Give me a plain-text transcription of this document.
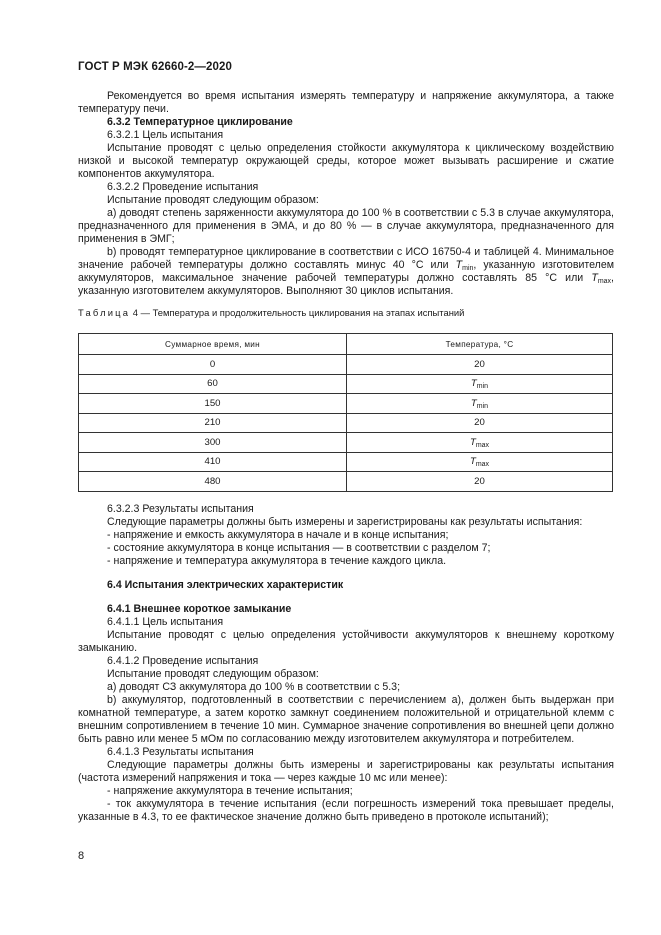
ГОСТ Р МЭК 62660-2—2020

Рекомендуется во время испытания измерять температуру и напряжение аккумулятора, а также температуру печи.

6.3.2 Температурное циклирование

6.3.2.1 Цель испытания

Испытание проводят с целью определения стойкости аккумулятора к циклическому воздействию низкой и высокой температур окружающей среды, которое может вызывать расширение и сжатие компонентов аккумулятора.

6.3.2.2 Проведение испытания

Испытание проводят следующим образом:

a) доводят степень заряженности аккумулятора до 100 % в соответствии с 5.3 в случае аккумулятора, предназначенного для применения в ЭМА, и до 80 % — в случае аккумулятора, предназначенного для применения в ЭМГ;

b) проводят температурное циклирование в соответствии с ИСО 16750-4 и таблицей 4. Минимальное значение рабочей температуры должно составлять минус 40 °C или $T_{min}$, указанную изготовителем аккумуляторов, максимальное значение рабочей температуры должно составлять 85 °C или $T_{max}$, указанную изготовителем аккумуляторов. Выполняют 30 циклов испытания.

Таблица 4 — Температура и продолжительность циклирования на этапах испытаний

Суммарное время, мин	Температура, °C
0	20
60	$T_{min}$
150	$T_{min}$
210	20
300	$T_{max}$
410	$T_{max}$
480	20

6.3.2.3 Результаты испытания

Следующие параметры должны быть измерены и зарегистрированы как результаты испытания:

- напряжение и емкость аккумулятора в начале и в конце испытания;

- состояние аккумулятора в конце испытания — в соответствии с разделом 7;

- напряжение и температура аккумулятора в течение каждого цикла.

6.4 Испытания электрических характеристик

6.4.1 Внешнее короткое замыкание

6.4.1.1 Цель испытания

Испытание проводят с целью определения устойчивости аккумуляторов к внешнему короткому замыканию.

6.4.1.2 Проведение испытания

Испытание проводят следующим образом:

a) доводят СЗ аккумулятора до 100 % в соответствии с 5.3;

b) аккумулятор, подготовленный в соответствии с перечислением а), должен быть выдержан при комнатной температуре, а затем коротко замкнут соединением положительной и отрицательной клемм с внешним сопротивлением в течение 10 мин. Суммарное значение сопротивления во внешней цепи должно быть равно или менее 5 мОм по согласованию между изготовителем аккумулятора и потребителем.

6.4.1.3 Результаты испытания

Следующие параметры должны быть измерены и зарегистрированы как результаты испытания (частота измерений напряжения и тока — через каждые 10 мс или менее):

- напряжение аккумулятора в течение испытания;

- ток аккумулятора в течение испытания (если погрешность измерений тока превышает пределы, указанные в 4.3, то ее фактическое значение должно быть приведено в протоколе испытаний);

8
